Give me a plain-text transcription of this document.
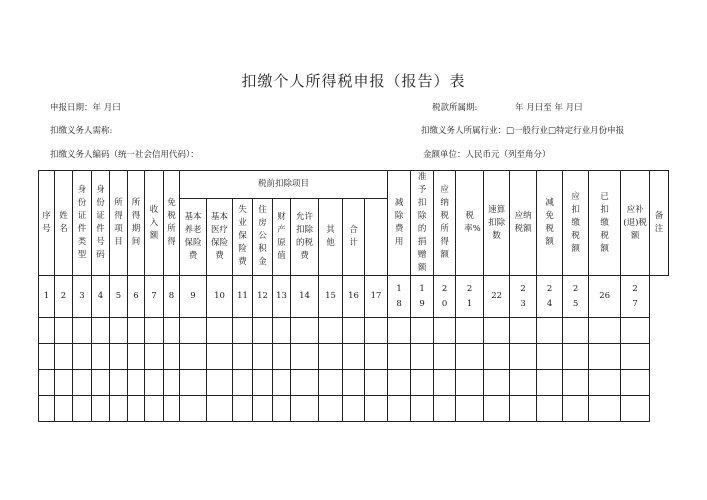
扣缴个人所得税申报（报告）表
申报日期：年 月曰	税款所属期:	年 月曰至 年 月曰
扣缴义务人需称:	扣缴义务人所属行业：□一般行业□特定行业月份申报
扣缴义务人编码（统一社会信用代码）：	金额单位：人民币元（列至角分）
序号	姓名	身份证件类型	身份证件号码	所得项目	所得期间	收入额	免税所得	税前扣除项目									减除费用	准予扣除的捐赠额	应纳税所得额	税率%	速算扣除数	应纳税额	减免税额	应扣缴税额	已扣缴税额	应补(退)税额	备注
								基本养老保险费	基本医疗保险费	失业保险费	住房公积金	财产原值	允许扣除的税费	其他	合计												
1	2	3	4	5	6	7	8	9	10	11	12	13	14	15	16	17	18	19	20	21	22	23	24	25	26	27	
